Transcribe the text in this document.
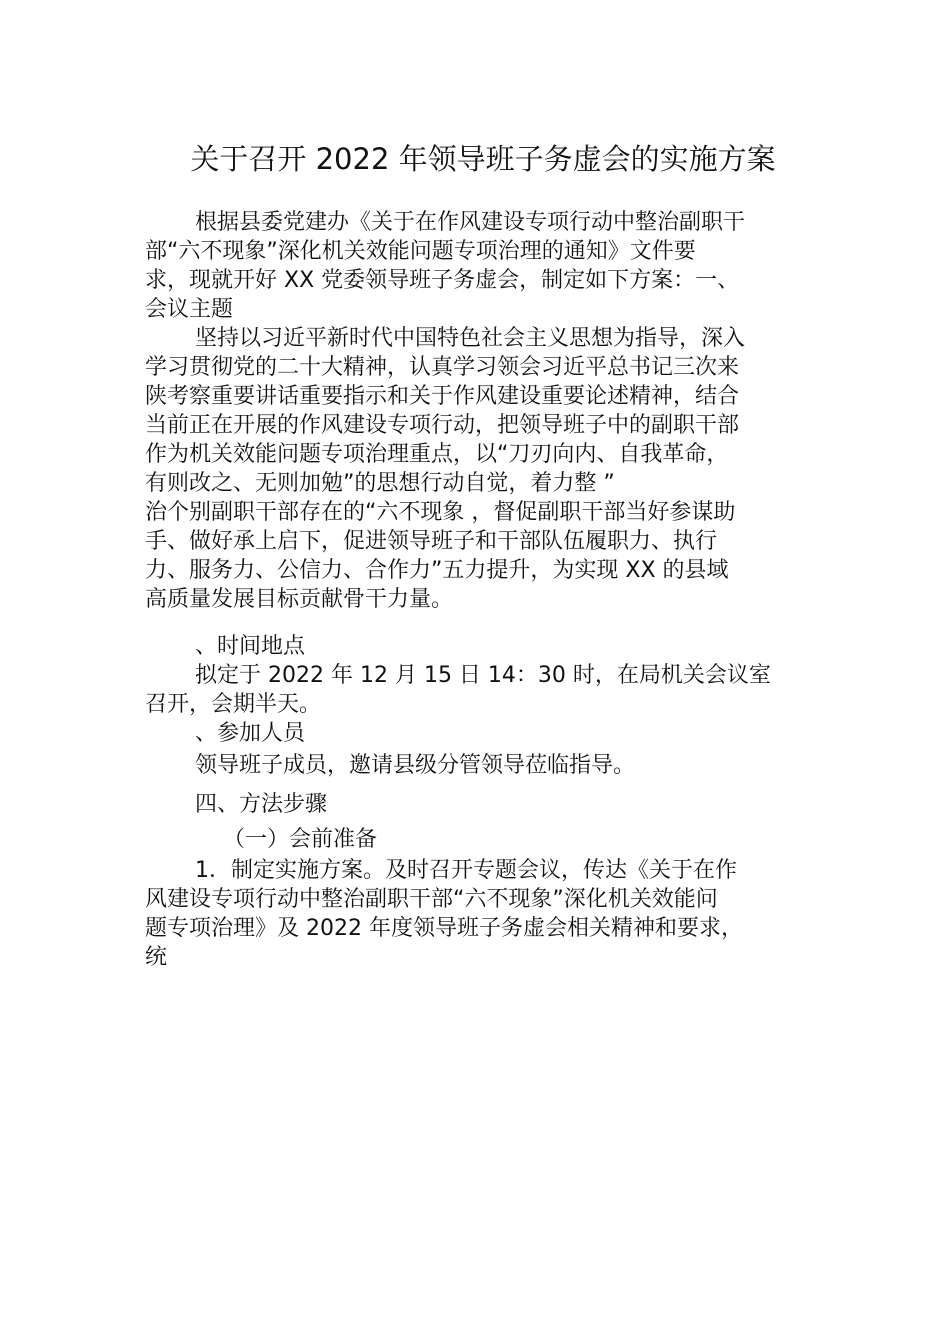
关于召开 2022 年领导班子务虚会的实施方案

根据县委党建办《关于在作风建设专项行动中整治副职干
部“六不现象”深化机关效能问题专项治理的通知》文件要
求，现就开好 XX 党委领导班子务虚会，制定如下方案：一、
会议主题

坚持以习近平新时代中国特色社会主义思想为指导，深入
学习贯彻党的二十大精神，认真学习领会习近平总书记三次来
陕考察重要讲话重要指示和关于作风建设重要论述精神，结合
当前正在开展的作风建设专项行动，把领导班子中的副职干部
作为机关效能问题专项治理重点，以“刀刃向内、自我革命，
有则改之、无则加勉”的思想行动自觉，着力整 ”
治个别副职干部存在的“六不现象 ，督促副职干部当好参谋助
手、做好承上启下，促进领导班子和干部队伍履职力、执行
力、服务力、公信力、合作力”五力提升，为实现 XX 的县域
高质量发展目标贡献骨干力量。

、时间地点

拟定于 2022 年 12 月 15 日 14：30 时，在局机关会议室
召开，会期半天。

、参加人员

领导班子成员，邀请县级分管领导莅临指导。

四、方法步骤

（一）会前准备

1．制定实施方案。及时召开专题会议，传达《关于在作
风建设专项行动中整治副职干部“六不现象”深化机关效能问
题专项治理》及 2022 年度领导班子务虚会相关精神和要求，
统
